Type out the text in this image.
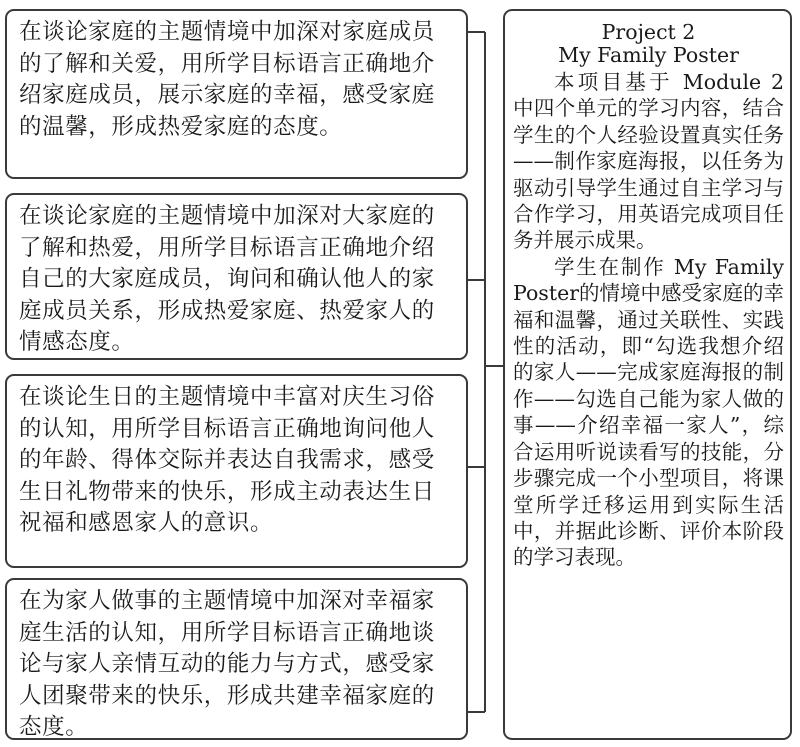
在谈论家庭的主题情境中加深对家庭成员的了解和关爱，用所学目标语言正确地介绍家庭成员，展示家庭的幸福，感受家庭的温馨，形成热爱家庭的态度。
在谈论家庭的主题情境中加深对大家庭的了解和热爱，用所学目标语言正确地介绍自己的大家庭成员，询问和确认他人的家庭成员关系，形成热爱家庭、热爱家人的情感态度。
在谈论生日的主题情境中丰富对庆生习俗的认知，用所学目标语言正确地询问他人的年龄、得体交际并表达自我需求，感受生日礼物带来的快乐，形成主动表达生日祝福和感恩家人的意识。
在为家人做事的主题情境中加深对幸福家庭生活的认知，用所学目标语言正确地谈论与家人亲情互动的能力与方式，感受家人团聚带来的快乐，形成共建幸福家庭的态度。

Project 2

My Family Poster

本项目基于 Module 2 中四个单元的学习内容，结合学生的个人经验设置真实任务——制作家庭海报，以任务为驱动引导学生通过自主学习与合作学习，用英语完成项目任务并展示成果。

学生在制作 My Family Poster的情境中感受家庭的幸福和温馨，通过关联性、实践性的活动，即“勾选我想介绍的家人——完成家庭海报的制作——勾选自己能为家人做的事——介绍幸福一家人”，综合运用听说读看写的技能，分步骤完成一个小型项目，将课堂所学迁移运用到实际生活中，并据此诊断、评价本阶段的学习表现。
